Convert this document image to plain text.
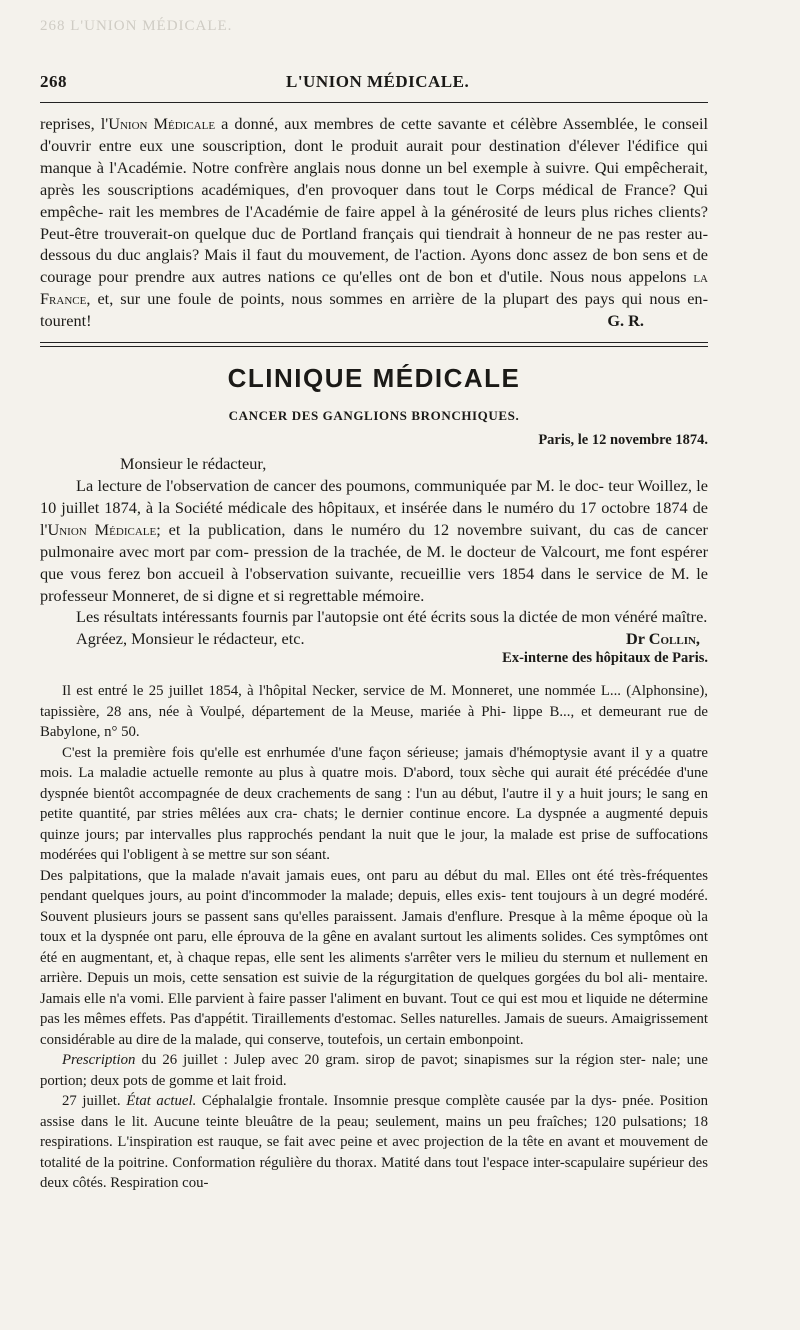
268 L'UNION MÉDICALE.
268	L'UNION MÉDICALE.

reprises, l'Union Médicale a donné, aux membres de cette savante et célèbre Assemblée, le conseil d'ouvrir entre eux une souscription, dont le produit aurait pour destination d'élever l'édifice qui manque à l'Académie. Notre confrère anglais nous donne un bel exemple à suivre. Qui empêcherait, après les souscriptions académiques, d'en provoquer dans tout le Corps médical de France? Qui empêche- rait les membres de l'Académie de faire appel à la générosité de leurs plus riches clients? Peut-être trouverait-on quelque duc de Portland français qui tiendrait à honneur de ne pas rester au-dessous du duc anglais? Mais il faut du mouvement, de l'action. Ayons donc assez de bon sens et de courage pour prendre aux autres nations ce qu'elles ont de bon et d'utile. Nous nous appelons la France, et, sur une foule de points, nous sommes en arrière de la plupart des pays qui nous en- tourent!	G. R.

CLINIQUE MÉDICALE
CANCER DES GANGLIONS BRONCHIQUES.
Paris, le 12 novembre 1874.

Monsieur le rédacteur,

La lecture de l'observation de cancer des poumons, communiquée par M. le doc- teur Woillez, le 10 juillet 1874, à la Société médicale des hôpitaux, et insérée dans le numéro du 17 octobre 1874 de l'Union Médicale; et la publication, dans le numéro du 12 novembre suivant, du cas de cancer pulmonaire avec mort par com- pression de la trachée, de M. le docteur de Valcourt, me font espérer que vous ferez bon accueil à l'observation suivante, recueillie vers 1854 dans le service de M. le professeur Monneret, de si digne et si regrettable mémoire.

Les résultats intéressants fournis par l'autopsie ont été écrits sous la dictée de mon vénéré maître.

Agréez, Monsieur le rédacteur, etc.	Dr Collin,
Ex-interne des hôpitaux de Paris.

Il est entré le 25 juillet 1854, à l'hôpital Necker, service de M. Monneret, une nommée L... (Alphonsine), tapissière, 28 ans, née à Voulpé, département de la Meuse, mariée à Phi- lippe B..., et demeurant rue de Babylone, n° 50.

C'est la première fois qu'elle est enrhumée d'une façon sérieuse; jamais d'hémoptysie avant il y a quatre mois. La maladie actuelle remonte au plus à quatre mois. D'abord, toux sèche qui aurait été précédée d'une dyspnée bientôt accompagnée de deux crachements de sang : l'un au début, l'autre il y a huit jours; le sang en petite quantité, par stries mêlées aux cra- chats; le dernier continue encore. La dyspnée a augmenté depuis quinze jours; par intervalles plus rapprochés pendant la nuit que le jour, la malade est prise de suffocations modérées qui l'obligent à se mettre sur son séant.

Des palpitations, que la malade n'avait jamais eues, ont paru au début du mal. Elles ont été très-fréquentes pendant quelques jours, au point d'incommoder la malade; depuis, elles exis- tent toujours à un degré modéré. Souvent plusieurs jours se passent sans qu'elles paraissent. Jamais d'enflure. Presque à la même époque où la toux et la dyspnée ont paru, elle éprouva de la gêne en avalant surtout les aliments solides. Ces symptômes ont été en augmentant, et, à chaque repas, elle sent les aliments s'arrêter vers le milieu du sternum et nullement en arrière. Depuis un mois, cette sensation est suivie de la régurgitation de quelques gorgées du bol ali- mentaire. Jamais elle n'a vomi. Elle parvient à faire passer l'aliment en buvant. Tout ce qui est mou et liquide ne détermine pas les mêmes effets. Pas d'appétit. Tiraillements d'estomac. Selles naturelles. Jamais de sueurs. Amaigrissement considérable au dire de la malade, qui conserve, toutefois, un certain embonpoint.

Prescription du 26 juillet : Julep avec 20 gram. sirop de pavot; sinapismes sur la région ster- nale; une portion; deux pots de gomme et lait froid.

27 juillet. État actuel. Céphalalgie frontale. Insomnie presque complète causée par la dys- pnée. Position assise dans le lit. Aucune teinte bleuâtre de la peau; seulement, mains un peu fraîches; 120 pulsations; 18 respirations. L'inspiration est rauque, se fait avec peine et avec projection de la tête en avant et mouvement de totalité de la poitrine. Conformation régulière du thorax. Matité dans tout l'espace inter-scapulaire supérieur des deux côtés. Respiration cou-
